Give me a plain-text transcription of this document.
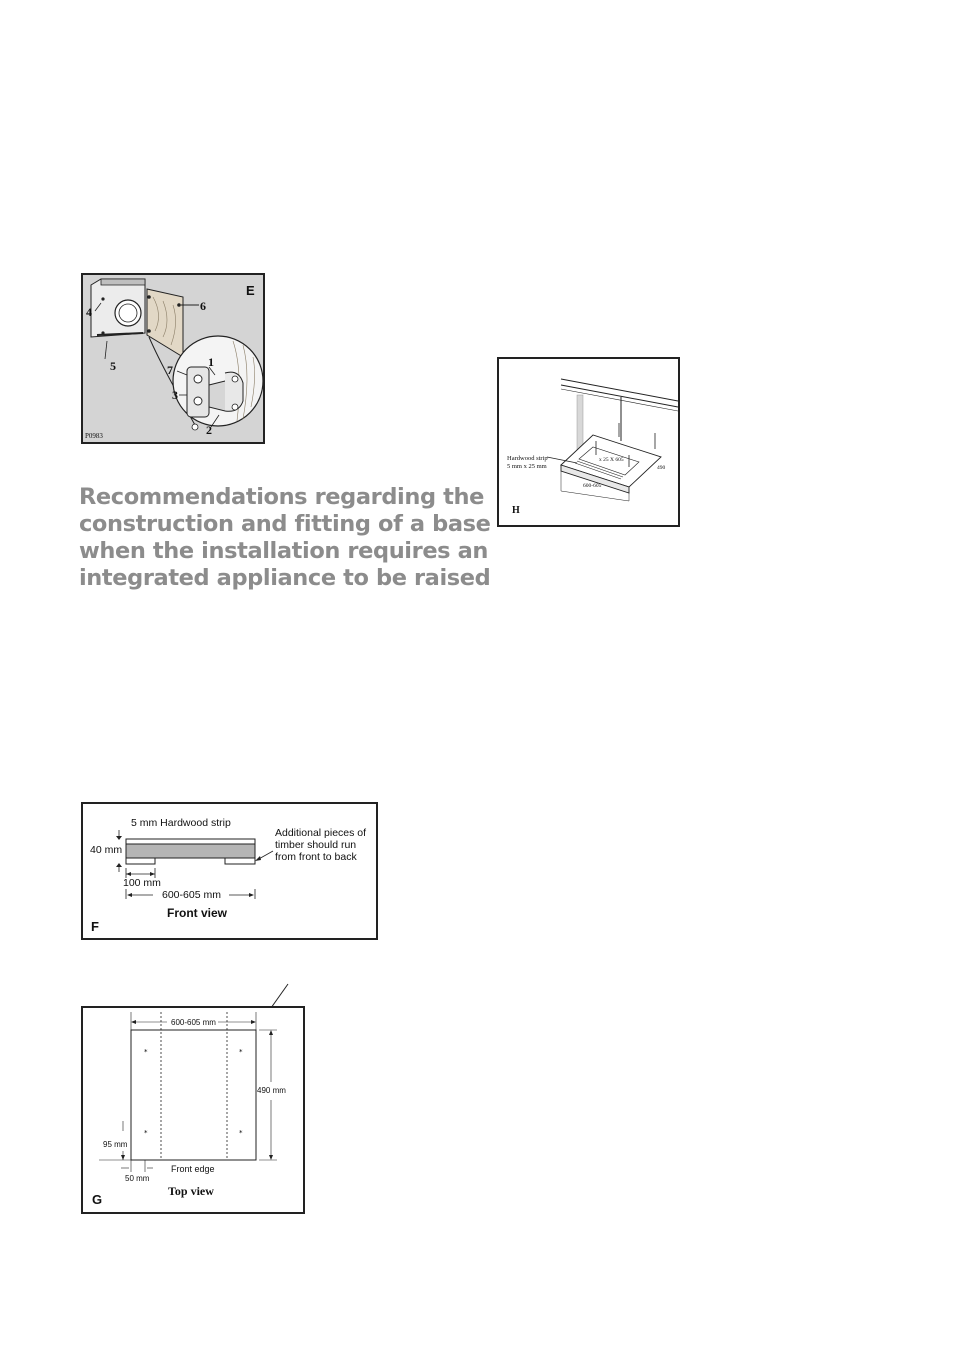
E
4	6
5	1
7
3
2
P0983
Recommendations regarding the
construction and fitting of a base
when the installation requires an
integrated appliance to be raised
Hardwood strip
5 mm x 25 mm
x 25 X 605
600-605
490
H
5 mm Hardwood strip
40 mm
100 mm
600-605 mm
Additional pieces of
timber should run
from front to back
Front view
F
*	*
*	*
600-605 mm
490 mm
95 mm
50 mm
Front edge
Top view
G
